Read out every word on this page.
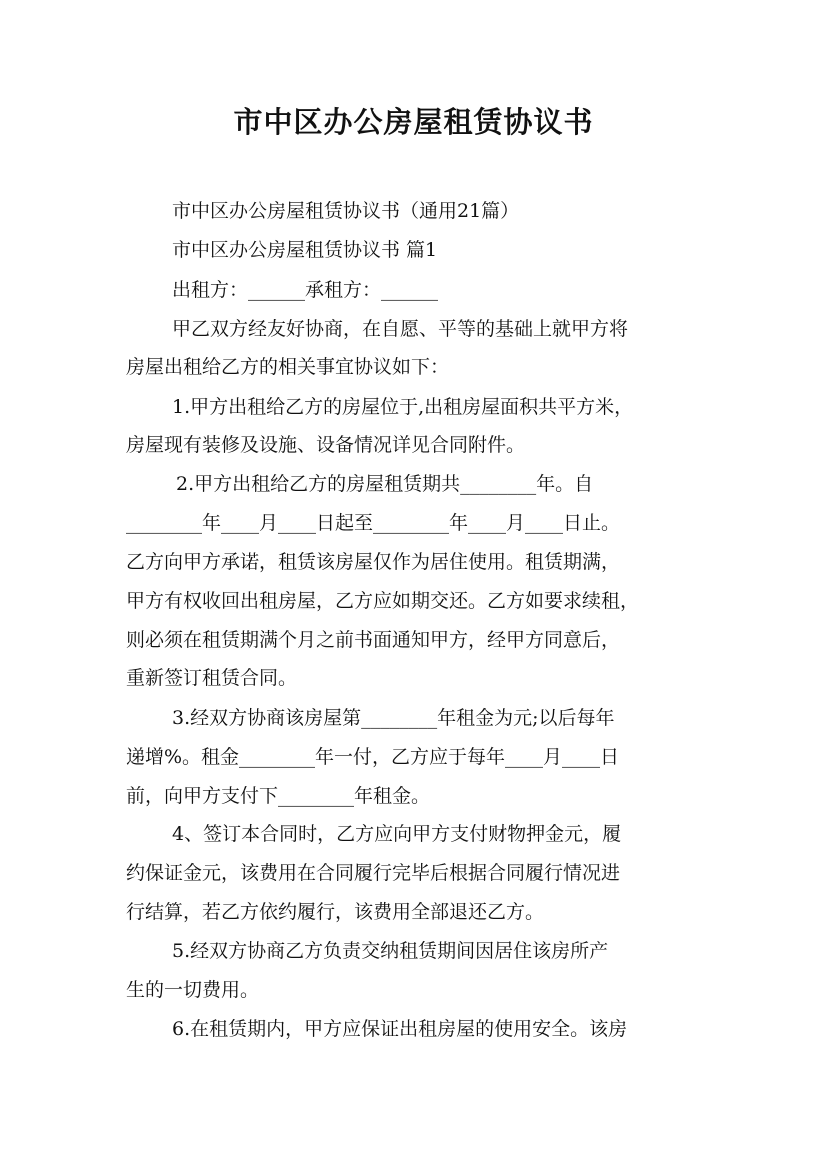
市中区办公房屋租赁协议书
市中区办公房屋租赁协议书（通用21篇）
市中区办公房屋租赁协议书 篇1
出租方：______承租方：______
甲乙双方经友好协商，在自愿、平等的基础上就甲方将
房屋出租给乙方的相关事宜协议如下：
1.甲方出租给乙方的房屋位于,出租房屋面积共平方米，
房屋现有装修及设施、设备情况详见合同附件。
2.甲方出租给乙方的房屋租赁期共________年。自
________年____月____日起至________年____月____日止。
乙方向甲方承诺，租赁该房屋仅作为居住使用。租赁期满，
甲方有权收回出租房屋，乙方应如期交还。乙方如要求续租，
则必须在租赁期满个月之前书面通知甲方，经甲方同意后，
重新签订租赁合同。
3.经双方协商该房屋第________年租金为元;以后每年
递增%。租金________年一付，乙方应于每年____月____日
前，向甲方支付下________年租金。
4、签订本合同时，乙方应向甲方支付财物押金元，履
约保证金元，该费用在合同履行完毕后根据合同履行情况进
行结算，若乙方依约履行，该费用全部退还乙方。
5.经双方协商乙方负责交纳租赁期间因居住该房所产
生的一切费用。
6.在租赁期内，甲方应保证出租房屋的使用安全。该房
